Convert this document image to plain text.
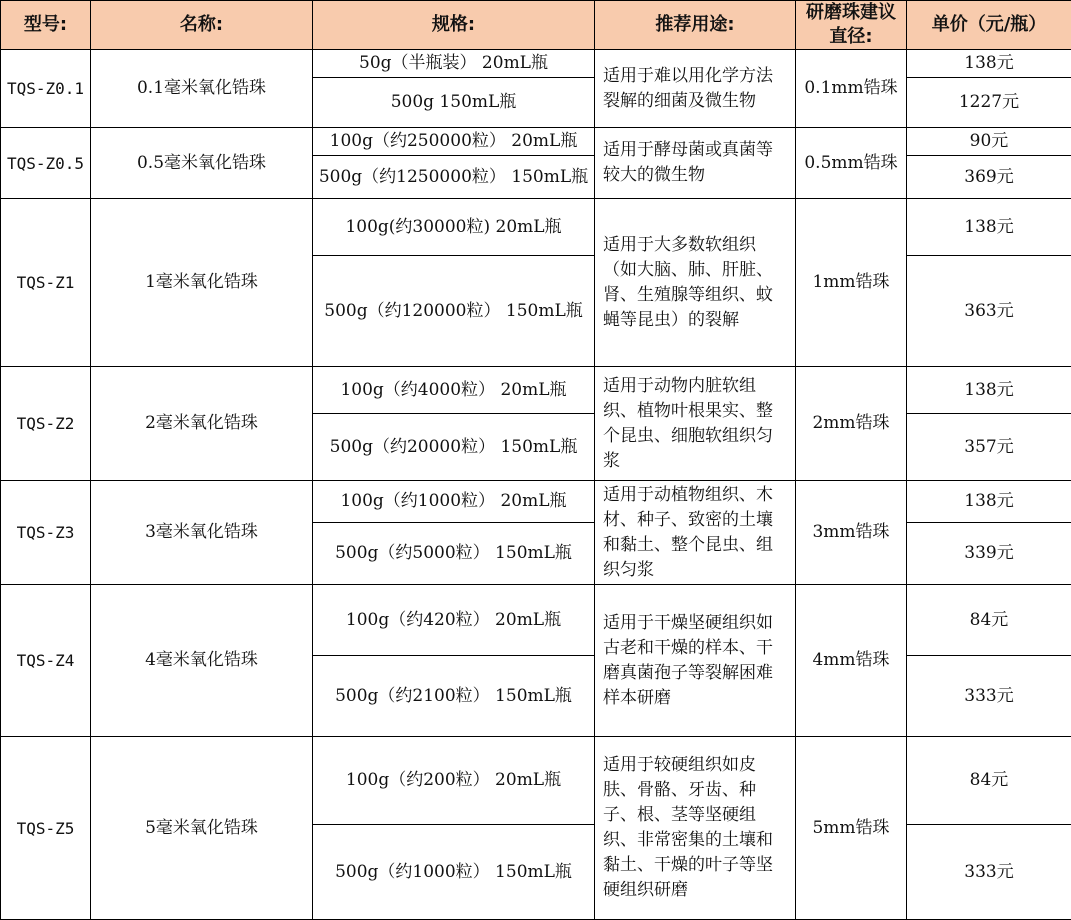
型号:	名称:	规格:	推荐用途:	研磨珠建议直径:	单价（元/瓶）
TQS-Z0.1	0.1毫米氧化锆珠	50g（半瓶装） 20mL瓶	适用于难以用化学方法裂解的细菌及微生物	0.1mm锆珠	138元
		500g 150mL瓶			1227元
TQS-Z0.5	0.5毫米氧化锆珠	100g（约250000粒） 20mL瓶	适用于酵母菌或真菌等较大的微生物	0.5mm锆珠	90元
		500g（约1250000粒） 150mL瓶			369元
TQS-Z1	1毫米氧化锆珠	100g(约30000粒) 20mL瓶	适用于大多数软组织（如大脑、肺、肝脏、肾、生殖腺等组织、蚊蝇等昆虫）的裂解	1mm锆珠	138元
		500g（约120000粒） 150mL瓶			363元
TQS-Z2	2毫米氧化锆珠	100g（约4000粒） 20mL瓶	适用于动物内脏软组织、植物叶根果实、整个昆虫、细胞软组织匀浆	2mm锆珠	138元
		500g（约20000粒） 150mL瓶			357元
TQS-Z3	3毫米氧化锆珠	100g（约1000粒） 20mL瓶	适用于动植物组织、木材、种子、致密的土壤和黏土、整个昆虫、组织匀浆	3mm锆珠	138元
		500g（约5000粒） 150mL瓶			339元
TQS-Z4	4毫米氧化锆珠	100g（约420粒） 20mL瓶	适用于干燥坚硬组织如古老和干燥的样本、干磨真菌孢子等裂解困难样本研磨	4mm锆珠	84元
		500g（约2100粒） 150mL瓶			333元
TQS-Z5	5毫米氧化锆珠	100g（约200粒） 20mL瓶	适用于较硬组织如皮肤、骨骼、牙齿、种子、根、茎等坚硬组织、非常密集的土壤和黏土、干燥的叶子等坚硬组织研磨	5mm锆珠	84元
		500g（约1000粒） 150mL瓶			333元
